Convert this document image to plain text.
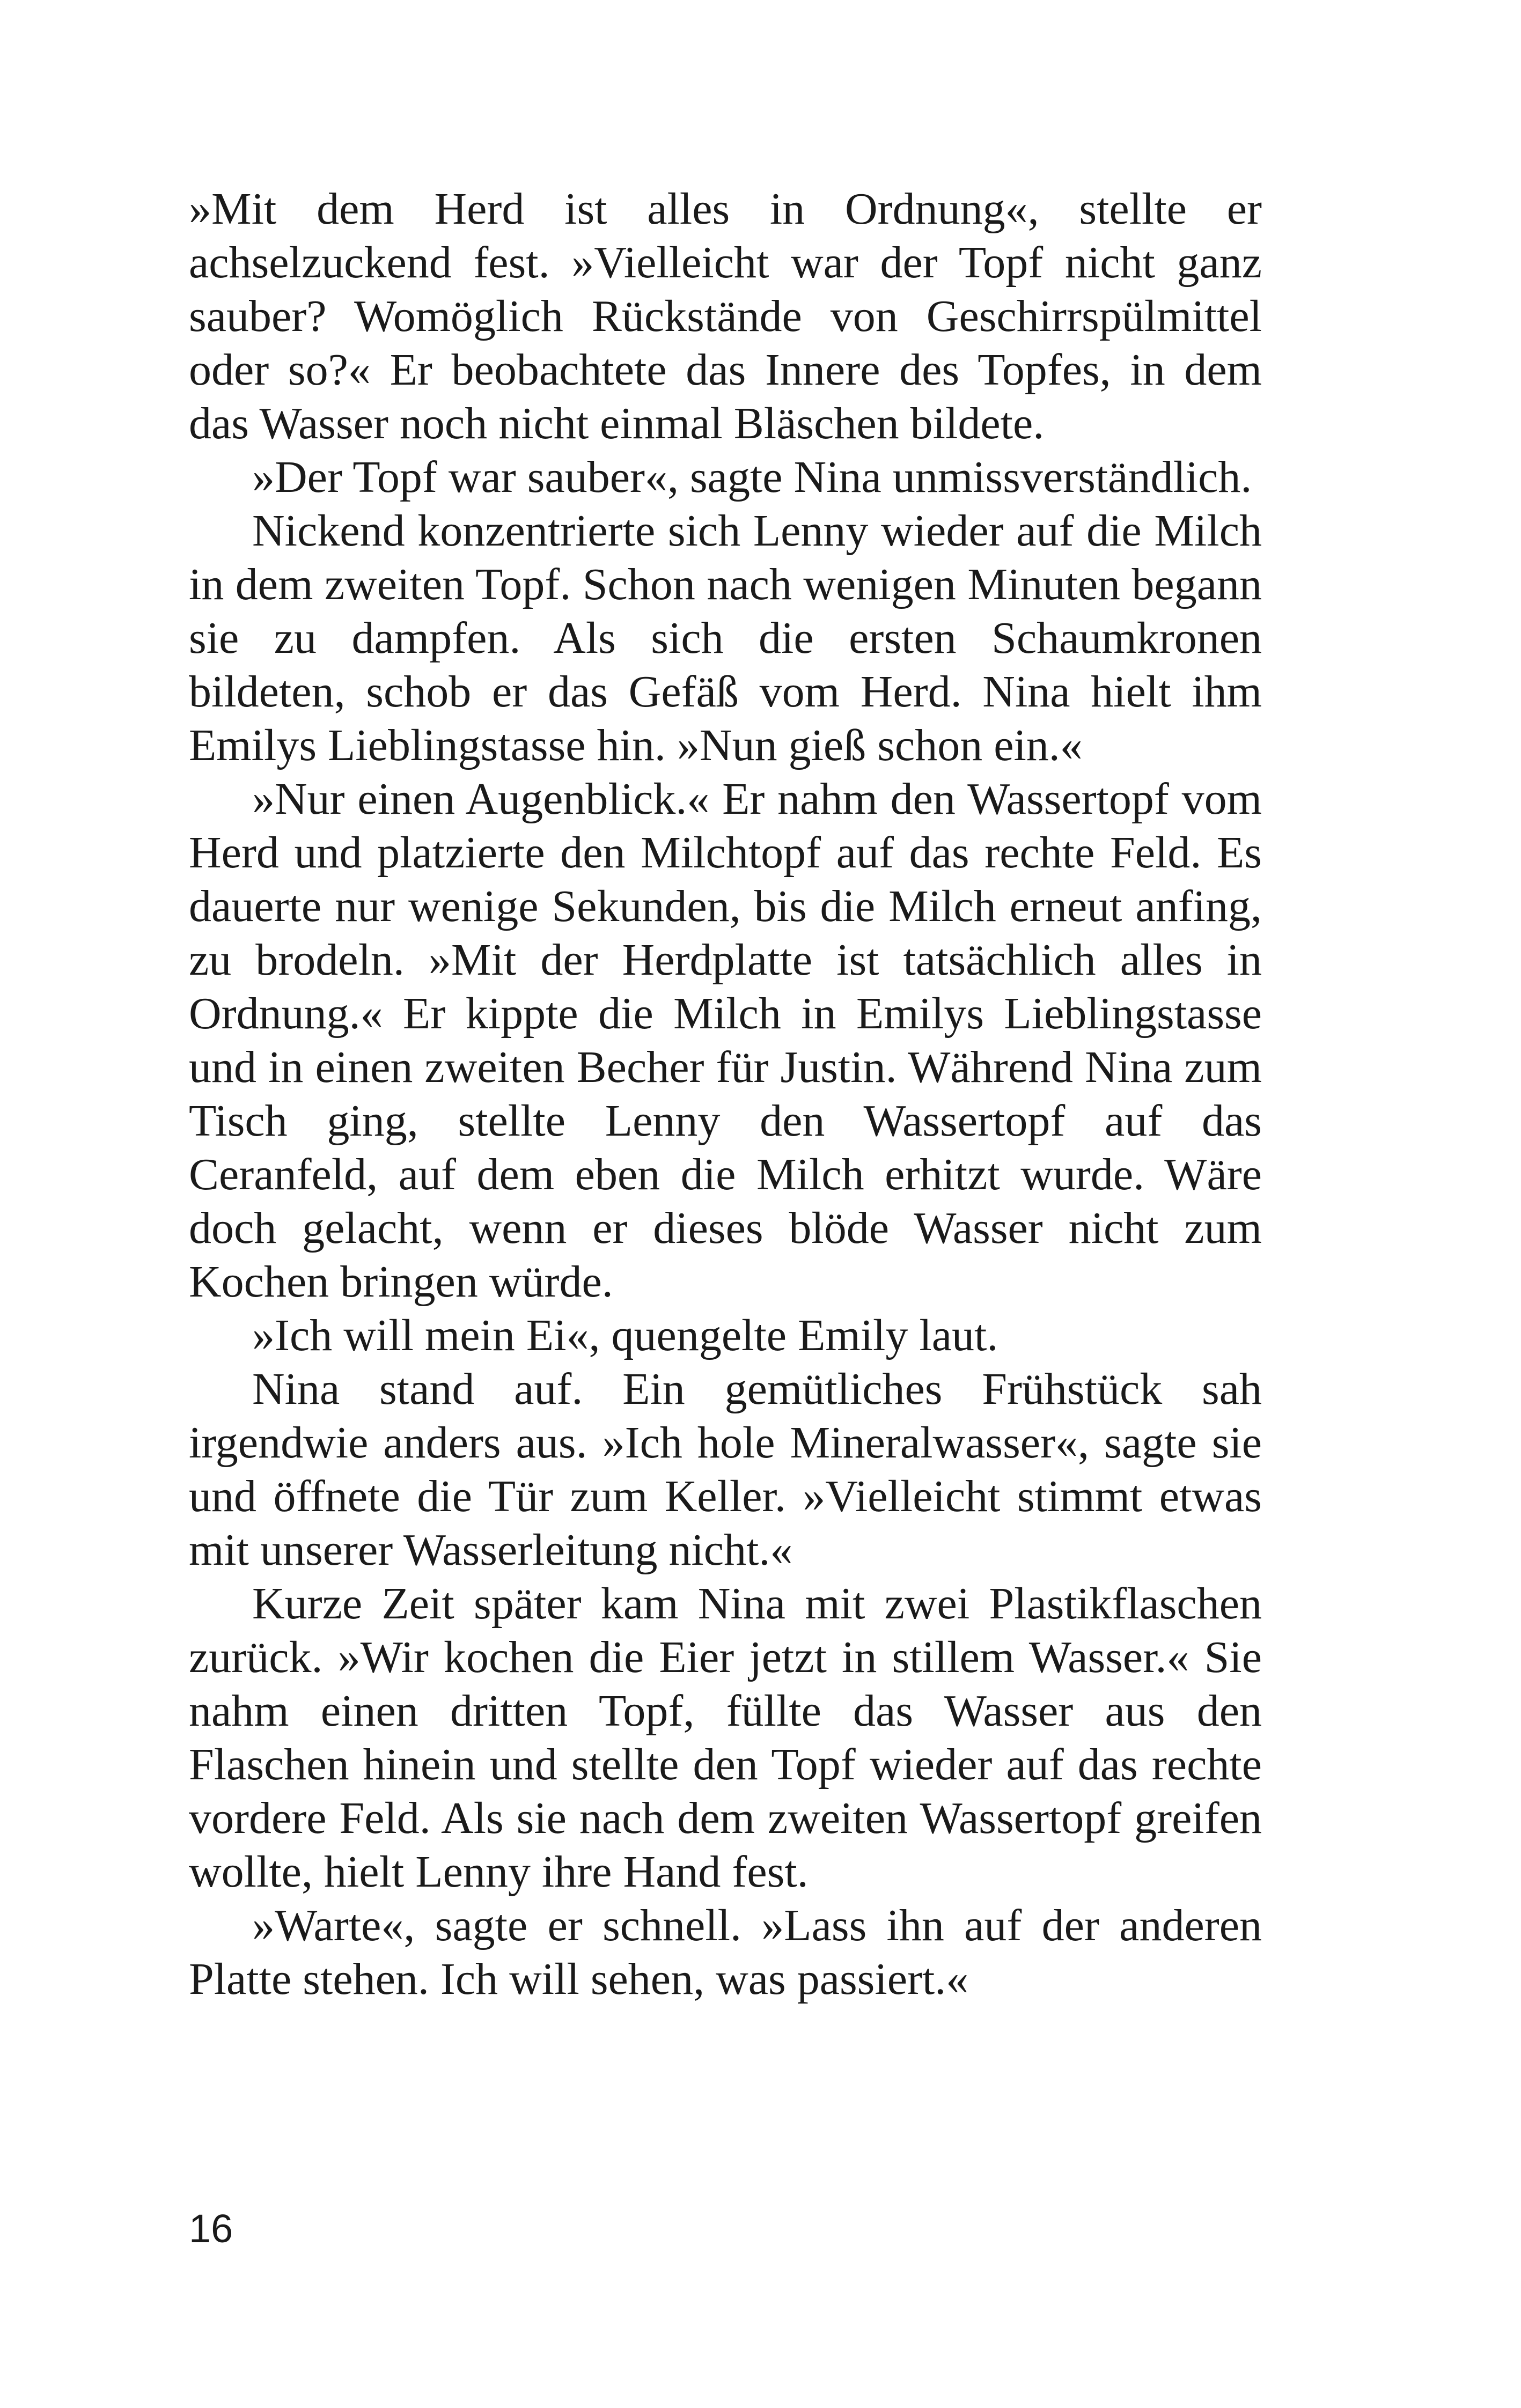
»Mit dem Herd ist alles in Ordnung«, stellte er achselzuckend fest. »Vielleicht war der Topf nicht ganz sauber? Womöglich Rückstände von Geschirrspülmittel oder so?« Er beobachtete das Innere des Topfes, in dem das Wasser noch nicht einmal Bläschen bildete.

»Der Topf war sauber«, sagte Nina unmissverständlich.

Nickend konzentrierte sich Lenny wieder auf die Milch in dem zweiten Topf. Schon nach wenigen Minuten begann sie zu dampfen. Als sich die ersten Schaumkronen bildeten, schob er das Gefäß vom Herd. Nina hielt ihm Emilys Lieblingstasse hin. »Nun gieß schon ein.«

»Nur einen Augenblick.« Er nahm den Wassertopf vom Herd und platzierte den Milchtopf auf das rechte Feld. Es dauerte nur wenige Sekunden, bis die Milch erneut anfing, zu brodeln. »Mit der Herdplatte ist tatsächlich alles in Ordnung.« Er kippte die Milch in Emilys Lieblingstasse und in einen zweiten Becher für Justin. Während Nina zum Tisch ging, stellte Lenny den Wassertopf auf das Ceranfeld, auf dem eben die Milch erhitzt wurde. Wäre doch gelacht, wenn er dieses blöde Wasser nicht zum Kochen bringen würde.

»Ich will mein Ei«, quengelte Emily laut.

Nina stand auf. Ein gemütliches Frühstück sah irgendwie anders aus. »Ich hole Mineralwasser«, sagte sie und öffnete die Tür zum Keller. »Vielleicht stimmt etwas mit unserer Wasserleitung nicht.«

Kurze Zeit später kam Nina mit zwei Plastikflaschen zurück. »Wir kochen die Eier jetzt in stillem Wasser.« Sie nahm einen dritten Topf, füllte das Wasser aus den Flaschen hinein und stellte den Topf wieder auf das rechte vordere Feld. Als sie nach dem zweiten Wassertopf greifen wollte, hielt Lenny ihre Hand fest.

»Warte«, sagte er schnell. »Lass ihn auf der anderen Platte stehen. Ich will sehen, was passiert.«

16
